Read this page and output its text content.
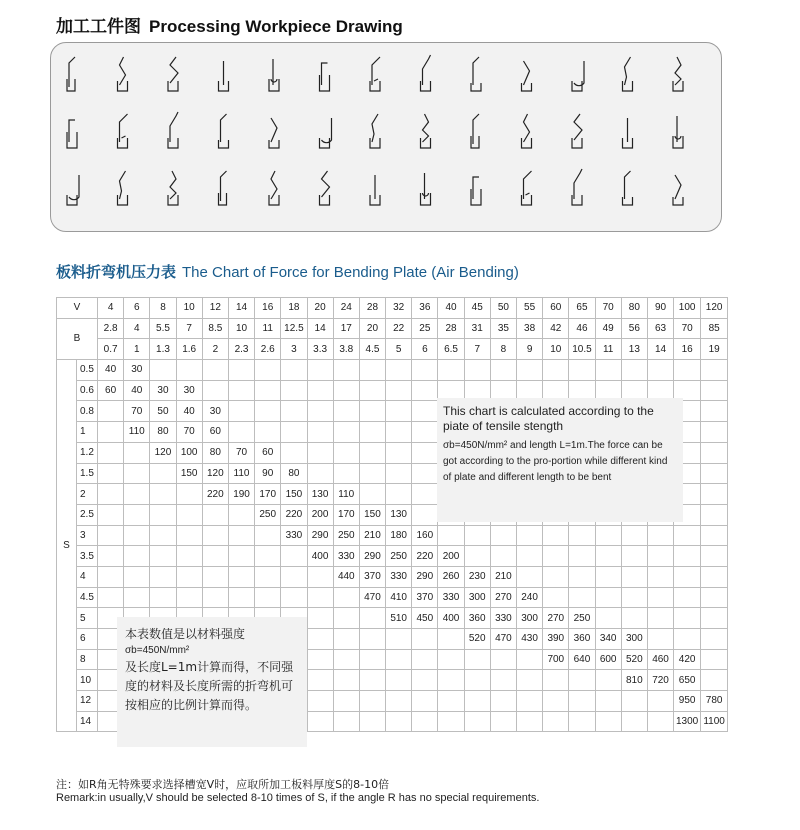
加工工件图 Processing Workpiece Drawing
板料折弯机压力表 The Chart of Force for Bending Plate (Air Bending)
V		4	6	8	10	12	14	16	18	20	24	28	32	36	40	45	50	55	60	65	70	80	90	100	120
B		2.8	4	5.5	7	8.5	10	11	12.5	14	17	20	22	25	28	31	35	38	42	46	49	56	63	70	85
		0.7	1	1.3	1.6	2	2.3	2.6	3	3.3	3.8	4.5	5	6	6.5	7	8	9	10	10.5	11	13	14	16	19
S	0.5	40	30																						
	0.6	60	40	30	30																				
	0.8		70	50	40	30																			
	1		110	80	70	60																			
	1.2			120	100	80	70	60																	
	1.5				150	120	110	90	80																
	2					220	190	170	150	130	110														
	2.5							250	220	200	170	150	130												
	3								330	290	250	210	180	160											
	3.5									400	330	290	250	220	200										
	4										440	370	330	290	260	230	210								
	4.5											470	410	370	330	300	270	240							
	5												510	450	400	360	330	300	270	250					
	6															520	470	430	390	360	340	300			
	8																		700	640	600	520	460	420	
	10																					810	720	650	
	12																							950	780
	14																							1300	1100
This chart is calculated according to the piate of tensile stength
σb=450N/mm² and length L=1m.The force can be got according to the pro-portion while different kind of plate and different length to be bent
本表数值是以材料强度
σb=450N/mm²
及长度L=1m计算而得，不同强度的材料及长度所需的折弯机可按相应的比例计算而得。
注：如R角无特殊要求选择槽宽V时，应取所加工板料厚度S的8-10倍
Remark:in usually,V should be selected 8-10 times of S, if the angle R has no special requirements.
